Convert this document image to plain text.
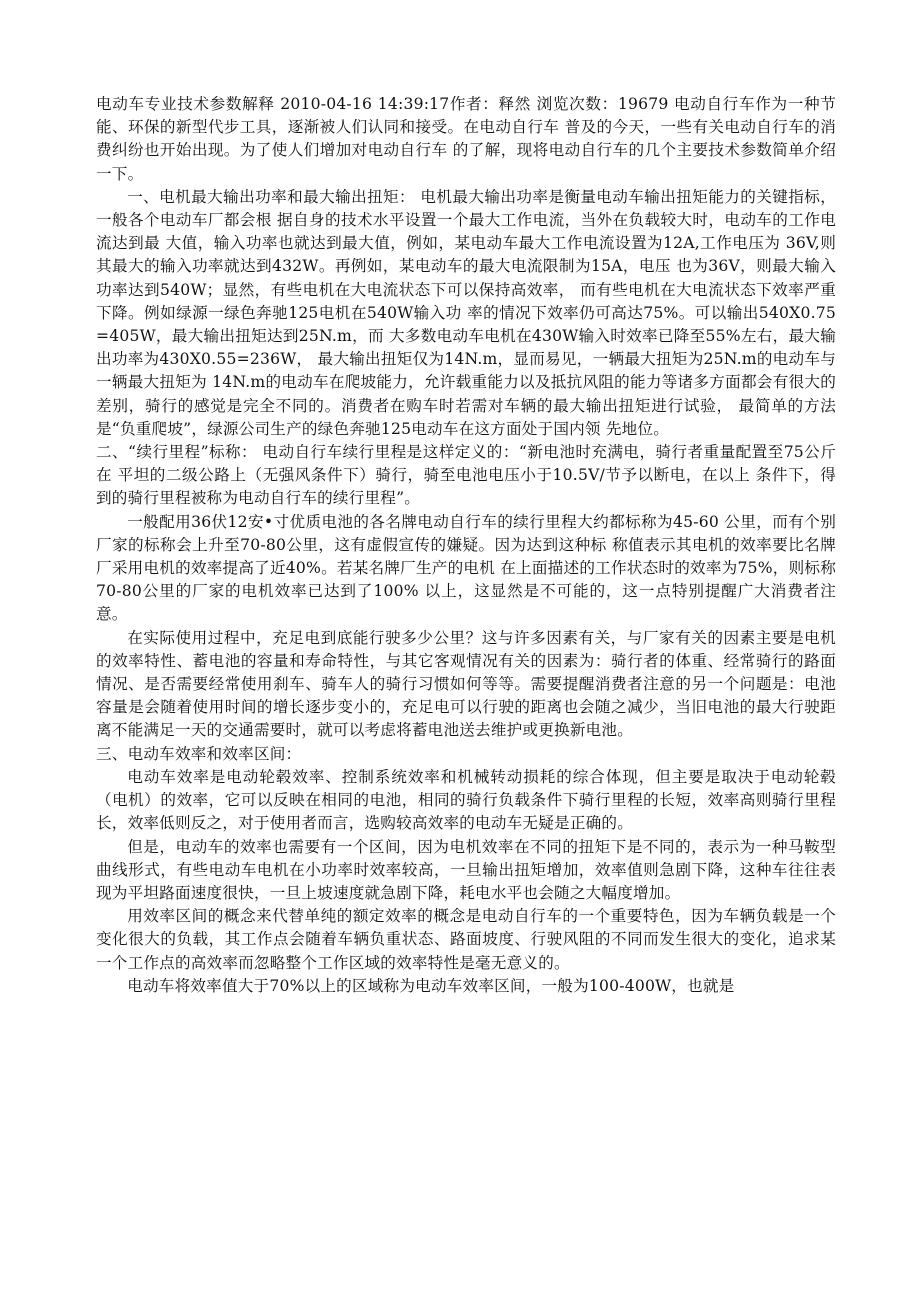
电动车专业技术参数解释 2010-04-16 14:39:17作者：释然 浏览次数：19679 电动自行车作为一种节能、环保的新型代步工具，逐渐被人们认同和接受。在电动自行车 普及的今天，一些有关电动自行车的消费纠纷也开始出现。为了使人们增加对电动自行车 的了解，现将电动自行车的几个主要技术参数简单介绍一下。

一、电机最大输出功率和最大输出扭矩： 电机最大输出功率是衡量电动车输出扭矩能力的关键指标，一般各个电动车厂都会根 据自身的技术水平设置一个最大工作电流，当外在负载较大时，电动车的工作电流达到最 大值，输入功率也就达到最大值，例如，某电动车最大工作电流设置为12A,工作电压为 36V,则其最大的输入功率就达到432W。再例如，某电动车的最大电流限制为15A，电压 也为36V，则最大输入功率达到540W；显然，有些电机在大电流状态下可以保持高效率， 而有些电机在大电流状态下效率严重下降。例如绿源一绿色奔驰125电机在540W输入功 率的情况下效率仍可高达75%。可以输出540X0.75=405W，最大输出扭矩达到25N.m，而 大多数电动车电机在430W输入时效率已降至55%左右，最大输出功率为430X0.55=236W， 最大输出扭矩仅为14N.m，显而易见，一辆最大扭矩为25N.m的电动车与一辆最大扭矩为 14N.m的电动车在爬坡能力，允许载重能力以及抵抗风阻的能力等诸多方面都会有很大的 差别，骑行的感觉是完全不同的。消费者在购车时若需对车辆的最大输出扭矩进行试验， 最简单的方法是“负重爬坡”，绿源公司生产的绿色奔驰125电动车在这方面处于国内领 先地位。

二、“续行里程”标称： 电动自行车续行里程是这样定义的：“新电池时充满电，骑行者重量配置至75公斤在 平坦的二级公路上（无强风条件下）骑行，骑至电池电压小于10.5V/节予以断电，在以上 条件下，得到的骑行里程被称为电动自行车的续行里程”。

一般配用36伏12安•寸优质电池的各名牌电动自行车的续行里程大约都标称为45-60 公里，而有个别厂家的标称会上升至70-80公里，这有虚假宣传的嫌疑。因为达到这种标 称值表示其电机的效率要比名牌厂采用电机的效率提高了近40%。若某名牌厂生产的电机 在上面描述的工作状态时的效率为75%，则标称70-80公里的厂家的电机效率已达到了100% 以上，这显然是不可能的，这一点特别提醒广大消费者注意。

在实际使用过程中，充足电到底能行驶多少公里？这与许多因素有关，与厂家有关的因素主要是电机的效率特性、蓄电池的容量和寿命特性，与其它客观情况有关的因素为：骑行者的体重、经常骑行的路面情况、是否需要经常使用刹车、骑车人的骑行习惯如何等等。需要提醒消费者注意的另一个问题是：电池容量是会随着使用时间的增长逐步变小的，充足电可以行驶的距离也会随之减少，当旧电池的最大行驶距离不能满足一天的交通需要时，就可以考虑将蓄电池送去维护或更换新电池。

三、电动车效率和效率区间：

电动车效率是电动轮毂效率、控制系统效率和机械转动损耗的综合体现，但主要是取决于电动轮毂（电机）的效率，它可以反映在相同的电池，相同的骑行负载条件下骑行里程的长短，效率高则骑行里程长，效率低则反之，对于使用者而言，选购较高效率的电动车无疑是正确的。

但是，电动车的效率也需要有一个区间，因为电机效率在不同的扭矩下是不同的，表示为一种马鞍型曲线形式，有些电动车电机在小功率时效率较高，一旦输出扭矩增加，效率值则急剧下降，这种车往往表现为平坦路面速度很快，一旦上坡速度就急剧下降，耗电水平也会随之大幅度增加。

用效率区间的概念来代替单纯的额定效率的概念是电动自行车的一个重要特色，因为车辆负载是一个变化很大的负载，其工作点会随着车辆负重状态、路面坡度、行驶风阻的不同而发生很大的变化，追求某一个工作点的高效率而忽略整个工作区域的效率特性是毫无意义的。

电动车将效率值大于70%以上的区域称为电动车效率区间，一般为100-400W，也就是
